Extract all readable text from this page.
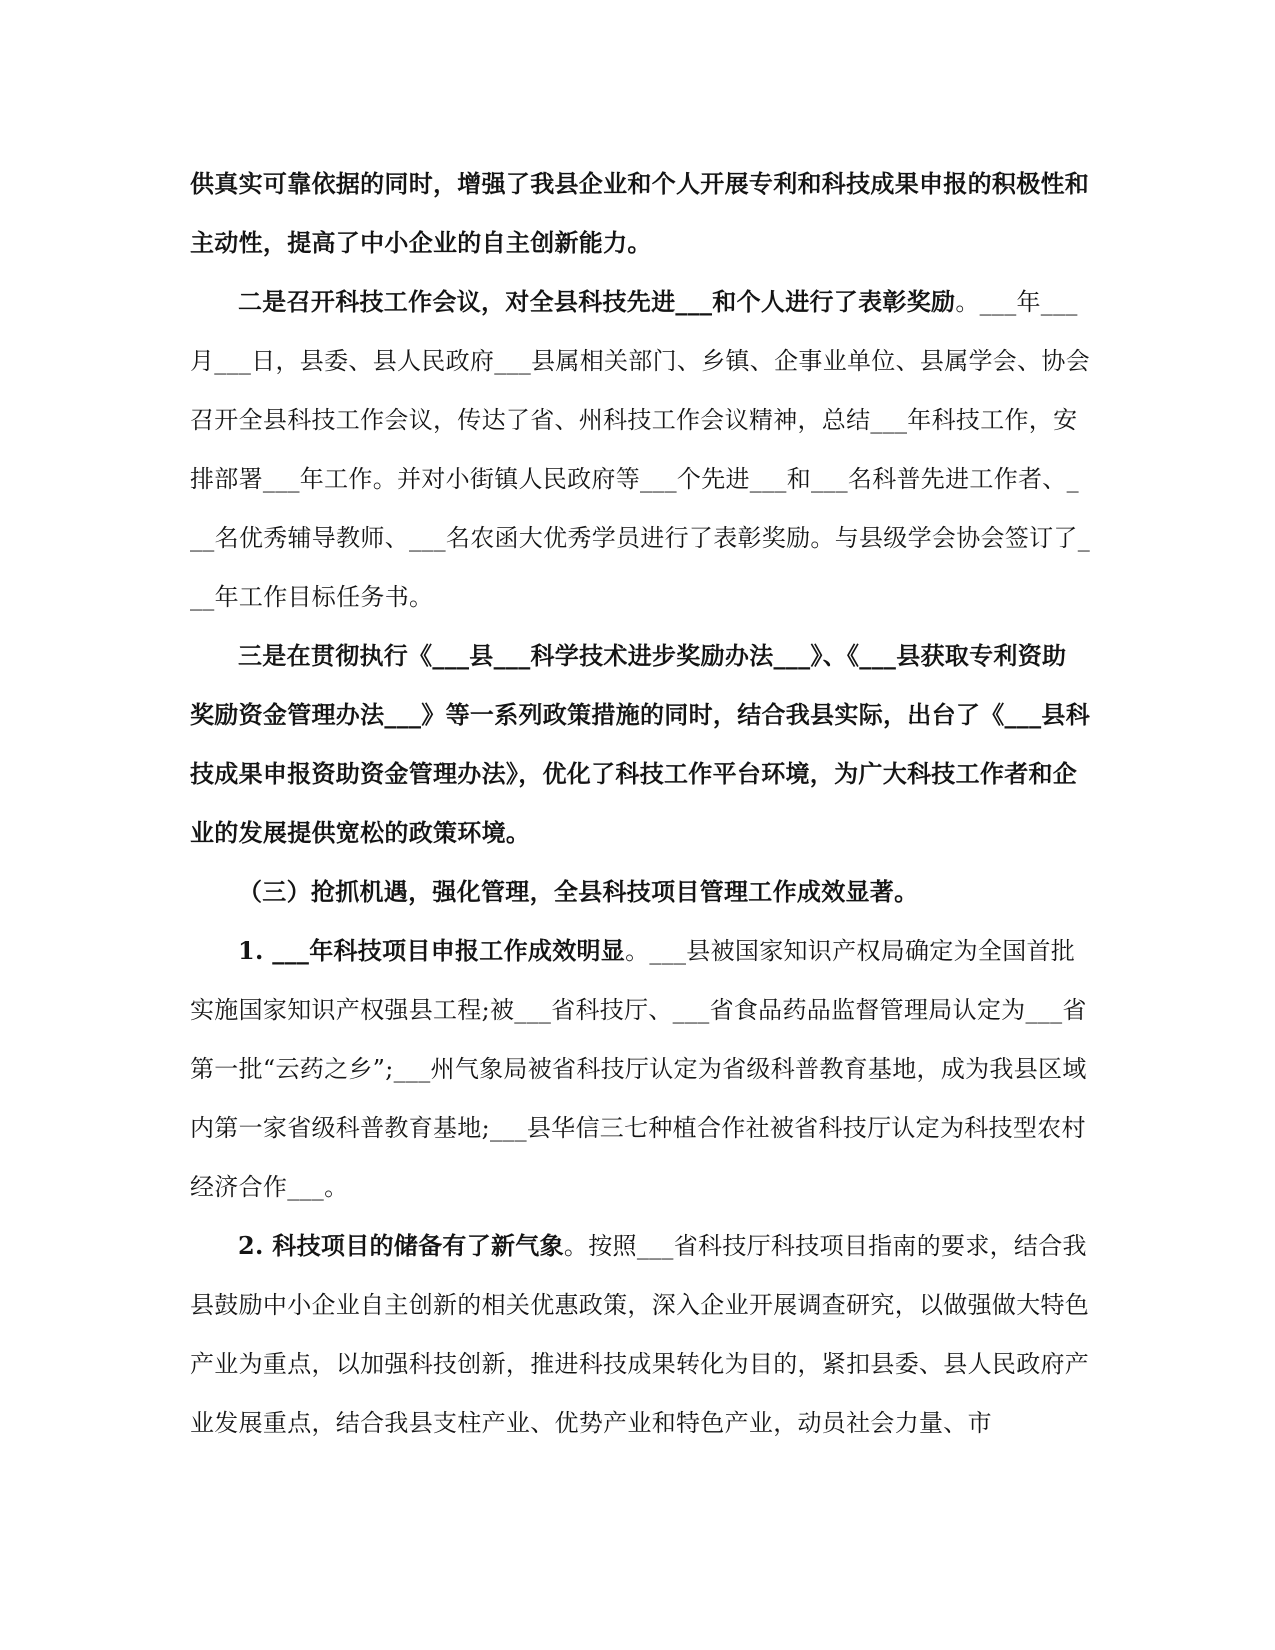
供真实可靠依据的同时，增强了我县企业和个人开展专利和科技成果申报的积极性和主动性，提高了中小企业的自主创新能力。

二是召开科技工作会议，对全县科技先进___和个人进行了表彰奖励。___年___月___日，县委、县人民政府___县属相关部门、乡镇、企事业单位、县属学会、协会召开全县科技工作会议，传达了省、州科技工作会议精神，总结___年科技工作，安排部署___年工作。并对小街镇人民政府等___个先进___和___名科普先进工作者、___名优秀辅导教师、___名农函大优秀学员进行了表彰奖励。与县级学会协会签订了___年工作目标任务书。

三是在贯彻执行《___县___科学技术进步奖励办法___》、《___县获取专利资助奖励资金管理办法___》等一系列政策措施的同时，结合我县实际，出台了《___县科技成果申报资助资金管理办法》，优化了科技工作平台环境，为广大科技工作者和企业的发展提供宽松的政策环境。

（三）抢抓机遇，强化管理，全县科技项目管理工作成效显著。

1. ___年科技项目申报工作成效明显。___县被国家知识产权局确定为全国首批实施国家知识产权强县工程;被___省科技厅、___省食品药品监督管理局认定为___省第一批“云药之乡”;___州气象局被省科技厅认定为省级科普教育基地，成为我县区域内第一家省级科普教育基地;___县华信三七种植合作社被省科技厅认定为科技型农村经济合作___。

2. 科技项目的储备有了新气象。按照___省科技厅科技项目指南的要求，结合我县鼓励中小企业自主创新的相关优惠政策，深入企业开展调查研究，以做强做大特色产业为重点，以加强科技创新，推进科技成果转化为目的，紧扣县委、县人民政府产业发展重点，结合我县支柱产业、优势产业和特色产业，动员社会力量、市
